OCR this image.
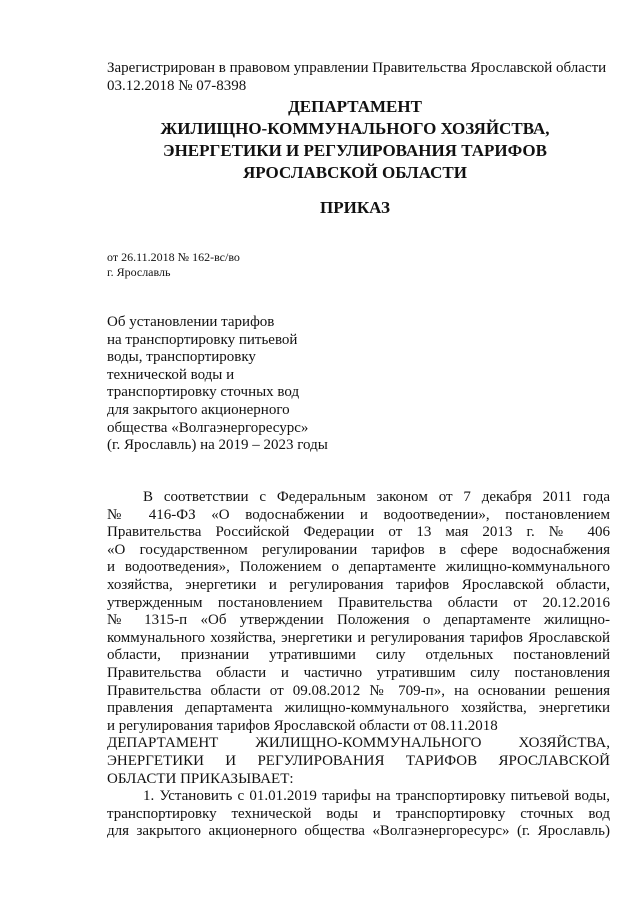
Зарегистрирован в правовом управлении Правительства Ярославской области
03.12.2018 № 07-8398
ДЕПАРТАМЕНТ
ЖИЛИЩНО-КОММУНАЛЬНОГО ХОЗЯЙСТВА,
ЭНЕРГЕТИКИ И РЕГУЛИРОВАНИЯ ТАРИФОВ
ЯРОСЛАВСКОЙ ОБЛАСТИ
ПРИКАЗ
от 26.11.2018 № 162-вс/во
г. Ярославль
Об установлении тарифов
на транспортировку питьевой
воды, транспортировку
технической воды и
транспортировку сточных вод
для закрытого акционерного
общества «Волгаэнергоресурс»
(г. Ярославль) на 2019 – 2023 годы
В соответствии с Федеральным законом от 7 декабря 2011 года
№ 416-ФЗ «О водоснабжении и водоотведении», постановлением
Правительства Российской Федерации от 13 мая 2013 г. № 406
«О государственном регулировании тарифов в сфере водоснабжения
и водоотведения», Положением о департаменте жилищно-коммунального
хозяйства, энергетики и регулирования тарифов Ярославской области,
утвержденным постановлением Правительства области от 20.12.2016
№ 1315-п «Об утверждении Положения о департаменте жилищно-
коммунального хозяйства, энергетики и регулирования тарифов Ярославской
области, признании утратившими силу отдельных постановлений
Правительства области и частично утратившим силу постановления
Правительства области от 09.08.2012 № 709-п», на основании решения
правления департамента жилищно-коммунального хозяйства, энергетики
и регулирования тарифов Ярославской области от 08.11.2018
ДЕПАРТАМЕНТ ЖИЛИЩНО-КОММУНАЛЬНОГО ХОЗЯЙСТВА,
ЭНЕРГЕТИКИ И РЕГУЛИРОВАНИЯ ТАРИФОВ ЯРОСЛАВСКОЙ
ОБЛАСТИ ПРИКАЗЫВАЕТ:
1. Установить с 01.01.2019 тарифы на транспортировку питьевой воды,
транспортировку технической воды и транспортировку сточных вод
для закрытого акционерного общества «Волгаэнергоресурс» (г. Ярославль)
